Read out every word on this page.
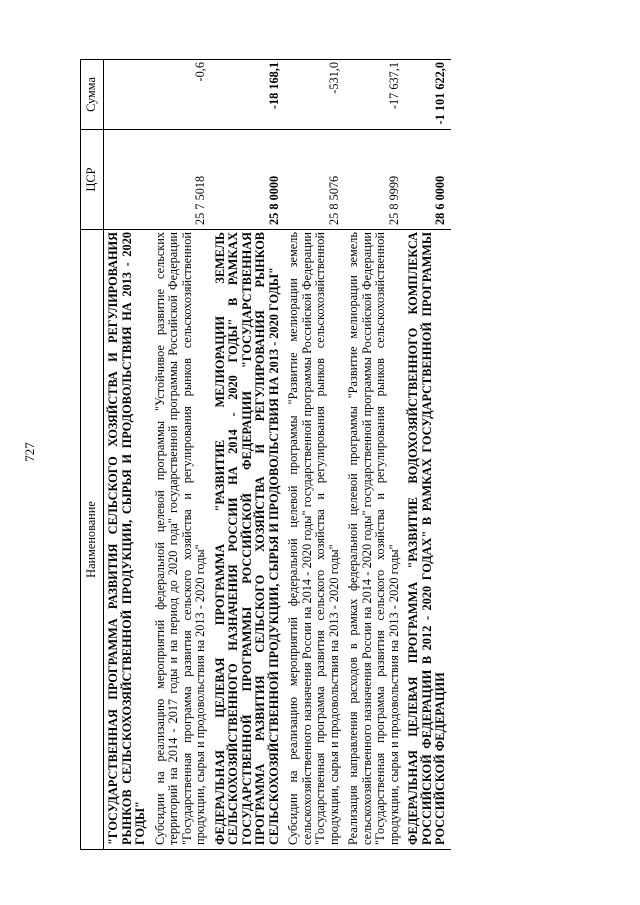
727
Наименование	ЦСР	Сумма
"ГОСУДАРСТВЕННАЯ ПРОГРАММА РАЗВИТИЯ СЕЛЬСКОГО ХОЗЯЙСТВА И РЕГУЛИРОВАНИЯ РЫНКОВ СЕЛЬСКОХОЗЯЙСТВЕННОЙ ПРОДУКЦИИ, СЫРЬЯ И ПРОДОВОЛЬСТВИЯ НА 2013 - 2020 ГОДЫ"		
Субсидии на реализацию мероприятий федеральной целевой программы "Устойчивое развитие сельских территорий на 2014 - 2017 годы и на период до 2020 года" государственной программы Российской Федерации "Государственная программа развития сельского хозяйства и регулирования рынков сельскохозяйственной продукции, сырья и продовольствия на 2013 - 2020 годы"	25 7 5018	-0,6
ФЕДЕРАЛЬНАЯ ЦЕЛЕВАЯ ПРОГРАММА "РАЗВИТИЕ МЕЛИОРАЦИИ ЗЕМЕЛЬ СЕЛЬСКОХОЗЯЙСТВЕННОГО НАЗНАЧЕНИЯ РОССИИ НА 2014 - 2020 ГОДЫ" В РАМКАХ ГОСУДАРСТВЕННОЙ ПРОГРАММЫ РОССИЙСКОЙ ФЕДЕРАЦИИ "ГОСУДАРСТВЕННАЯ ПРОГРАММА РАЗВИТИЯ СЕЛЬСКОГО ХОЗЯЙСТВА И РЕГУЛИРОВАНИЯ РЫНКОВ СЕЛЬСКОХОЗЯЙСТВЕННОЙ ПРОДУКЦИИ, СЫРЬЯ И ПРОДОВОЛЬСТВИЯ НА 2013 - 2020 ГОДЫ"	25 8 0000	-18 168,1
Субсидии на реализацию мероприятий федеральной целевой программы "Развитие мелиорации земель сельскохозяйственного назначения России на 2014 - 2020 годы" государственной программы Российской Федерации "Государственная программа развития сельского хозяйства и регулирования рынков сельскохозяйственной продукции, сырья и продовольствия на 2013 - 2020 годы"	25 8 5076	-531,0
Реализация направления расходов в рамках федеральной целевой программы "Развитие мелиорации земель сельскохозяйственного назначения России на 2014 - 2020 годы" государственной программы Российской Федерации "Государственная программа развития сельского хозяйства и регулирования рынков сельскохозяйственной продукции, сырья и продовольствия на 2013 - 2020 годы"	25 8 9999	-17 637,1
ФЕДЕРАЛЬНАЯ ЦЕЛЕВАЯ ПРОГРАММА "РАЗВИТИЕ ВОДОХОЗЯЙСТВЕННОГО КОМПЛЕКСА РОССИЙСКОЙ ФЕДЕРАЦИИ В 2012 - 2020 ГОДАХ" В РАМКАХ ГОСУДАРСТВЕННОЙ ПРОГРАММЫ РОССИЙСКОЙ ФЕДЕРАЦИИ	28 6 0000	-1 101 622,0
